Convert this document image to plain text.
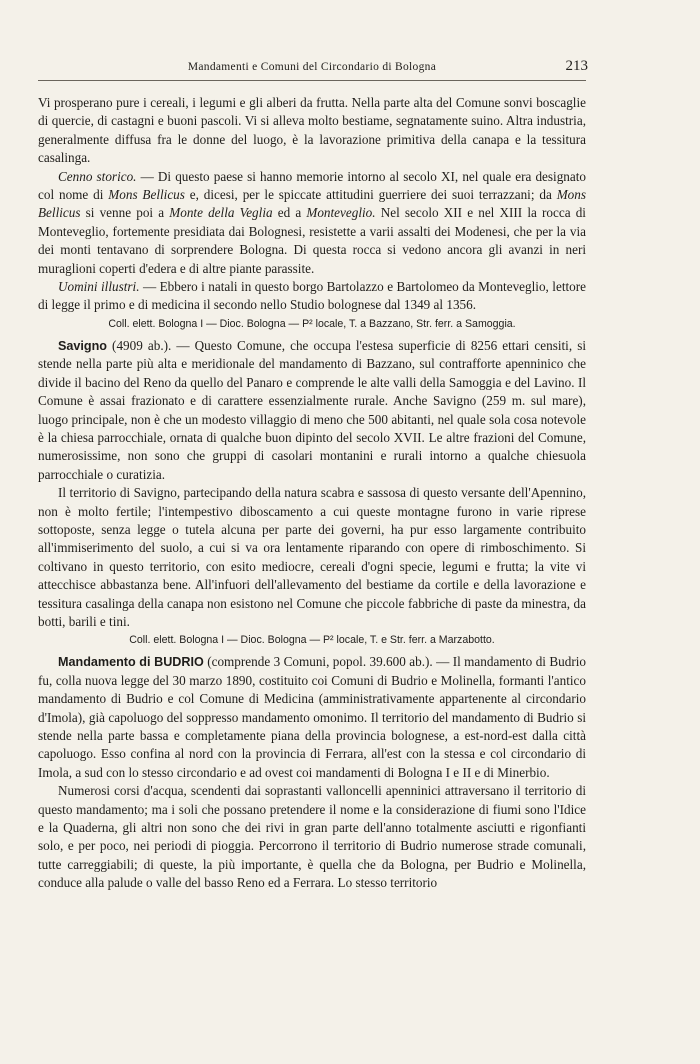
Mandamenti e Comuni del Circondario di Bologna	213

Vi prosperano pure i cereali, i legumi e gli alberi da frutta. Nella parte alta del Comune sonvi boscaglie di quercie, di castagni e buoni pascoli. Vi si alleva molto bestiame, segnatamente suino. Altra industria, generalmente diffusa fra le donne del luogo, è la lavorazione primitiva della canapa e la tessitura casalinga.

Cenno storico. — Di questo paese si hanno memorie intorno al secolo XI, nel quale era designato col nome di Mons Bellicus e, dicesi, per le spiccate attitudini guerriere dei suoi terrazzani; da Mons Bellicus si venne poi a Monte della Veglia ed a Monteveglio. Nel secolo XII e nel XIII la rocca di Monteveglio, fortemente presidiata dai Bolognesi, resistette a varii assalti dei Modenesi, che per la via dei monti tentavano di sorprendere Bologna. Di questa rocca si vedono ancora gli avanzi in neri muraglioni coperti d'edera e di altre piante parassite.

Uomini illustri. — Ebbero i natali in questo borgo Bartolazzo e Bartolomeo da Monteveglio, lettore di legge il primo e di medicina il secondo nello Studio bolognese dal 1349 al 1356.

Coll. elett. Bologna I — Dioc. Bologna — P² locale, T. a Bazzano, Str. ferr. a Samoggia.

Savigno (4909 ab.). — Questo Comune, che occupa l'estesa superficie di 8256 ettari censiti, si stende nella parte più alta e meridionale del mandamento di Bazzano, sul contrafforte apenninico che divide il bacino del Reno da quello del Panaro e comprende le alte valli della Samoggia e del Lavino. Il Comune è assai frazionato e di carattere essenzialmente rurale. Anche Savigno (259 m. sul mare), luogo principale, non è che un modesto villaggio di meno che 500 abitanti, nel quale sola cosa notevole è la chiesa parrocchiale, ornata di qualche buon dipinto del secolo XVII. Le altre frazioni del Comune, numerosissime, non sono che gruppi di casolari montanini e rurali intorno a qualche chiesuola parrocchiale o curatizia.

Il territorio di Savigno, partecipando della natura scabra e sassosa di questo versante dell'Apennino, non è molto fertile; l'intempestivo diboscamento a cui queste montagne furono in varie riprese sottoposte, senza legge o tutela alcuna per parte dei governi, ha pur esso largamente contribuito all'immiserimento del suolo, a cui si va ora lentamente riparando con opere di rimboschimento. Si coltivano in questo territorio, con esito mediocre, cereali d'ogni specie, legumi e frutta; la vite vi attecchisce abbastanza bene. All'infuori dell'allevamento del bestiame da cortile e della lavorazione e tessitura casalinga della canapa non esistono nel Comune che piccole fabbriche di paste da minestra, da botti, barili e tini.

Coll. elett. Bologna I — Dioc. Bologna — P² locale, T. e Str. ferr. a Marzabotto.

Mandamento di BUDRIO (comprende 3 Comuni, popol. 39.600 ab.). — Il mandamento di Budrio fu, colla nuova legge del 30 marzo 1890, costituito coi Comuni di Budrio e Molinella, formanti l'antico mandamento di Budrio e col Comune di Medicina (amministrativamente appartenente al circondario d'Imola), già capoluogo del soppresso mandamento omonimo. Il territorio del mandamento di Budrio si stende nella parte bassa e completamente piana della provincia bolognese, a est-nord-est dalla città capoluogo. Esso confina al nord con la provincia di Ferrara, all'est con la stessa e col circondario di Imola, a sud con lo stesso circondario e ad ovest coi mandamenti di Bologna I e II e di Minerbio.

Numerosi corsi d'acqua, scendenti dai soprastanti valloncelli apenninici attraversano il territorio di questo mandamento; ma i soli che possano pretendere il nome e la considerazione di fiumi sono l'Idice e la Quaderna, gli altri non sono che dei rivi in gran parte dell'anno totalmente asciutti e rigonfianti solo, e per poco, nei periodi di pioggia. Percorrono il territorio di Budrio numerose strade comunali, tutte carreggiabili; di queste, la più importante, è quella che da Bologna, per Budrio e Molinella, conduce alla palude o valle del basso Reno ed a Ferrara. Lo stesso territorio
